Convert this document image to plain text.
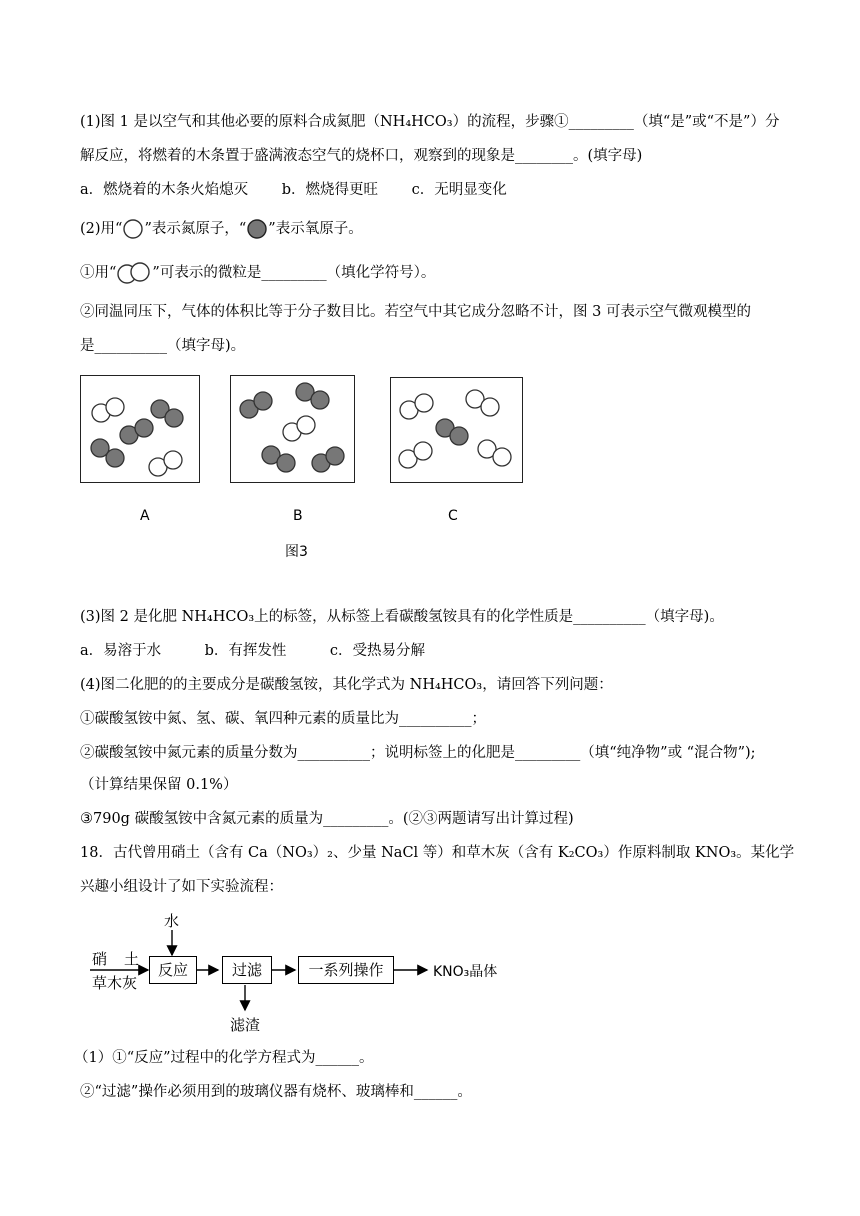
(1)图 1 是以空气和其他必要的原料合成氮肥（NH₄HCO₃）的流程，步骤①_________（填“是”或“不是”）分
解反应，将燃着的木条置于盛满液态空气的烧杯口，观察到的现象是________。(填字母)
a．燃烧着的木条火焰熄灭　　 b．燃烧得更旺　　 c．无明显变化
(2)用“ ”表示氮原子，“ ”表示氧原子。
①用“ ”可表示的微粒是_________（填化学符号）。
②同温同压下，气体的体积比等于分子数目比。若空气中其它成分忽略不计，图 3 可表示空气微观模型的
是__________（填字母)。
A	B	C
图3
(3)图 2 是化肥 NH₄HCO₃上的标签，从标签上看碳酸氢铵具有的化学性质是__________（填字母)。
a．易溶于水　　　b．有挥发性　　　c．受热易分解
(4)图二化肥的的主要成分是碳酸氢铵，其化学式为 NH₄HCO₃，请回答下列问题：
①碳酸氢铵中氮、氢、碳、氧四种元素的质量比为__________；
②碳酸氢铵中氮元素的质量分数为__________；说明标签上的化肥是_________（填“纯净物”或 “混合物”);
（计算结果保留 0.1%）
③790g 碳酸氢铵中含氮元素的质量为_________。(②③两题请写出计算过程)
18．古代曾用硝土（含有 Ca（NO₃）₂、少量 NaCl 等）和草木灰（含有 K₂CO₃）作原料制取 KNO₃。某化学
兴趣小组设计了如下实验流程：
水
硝　土
草木灰
反应	过滤	一系列操作	KNO₃晶体
滤渣
（1）①“反应”过程中的化学方程式为______。
②“过滤”操作必须用到的玻璃仪器有烧杯、玻璃棒和______。
